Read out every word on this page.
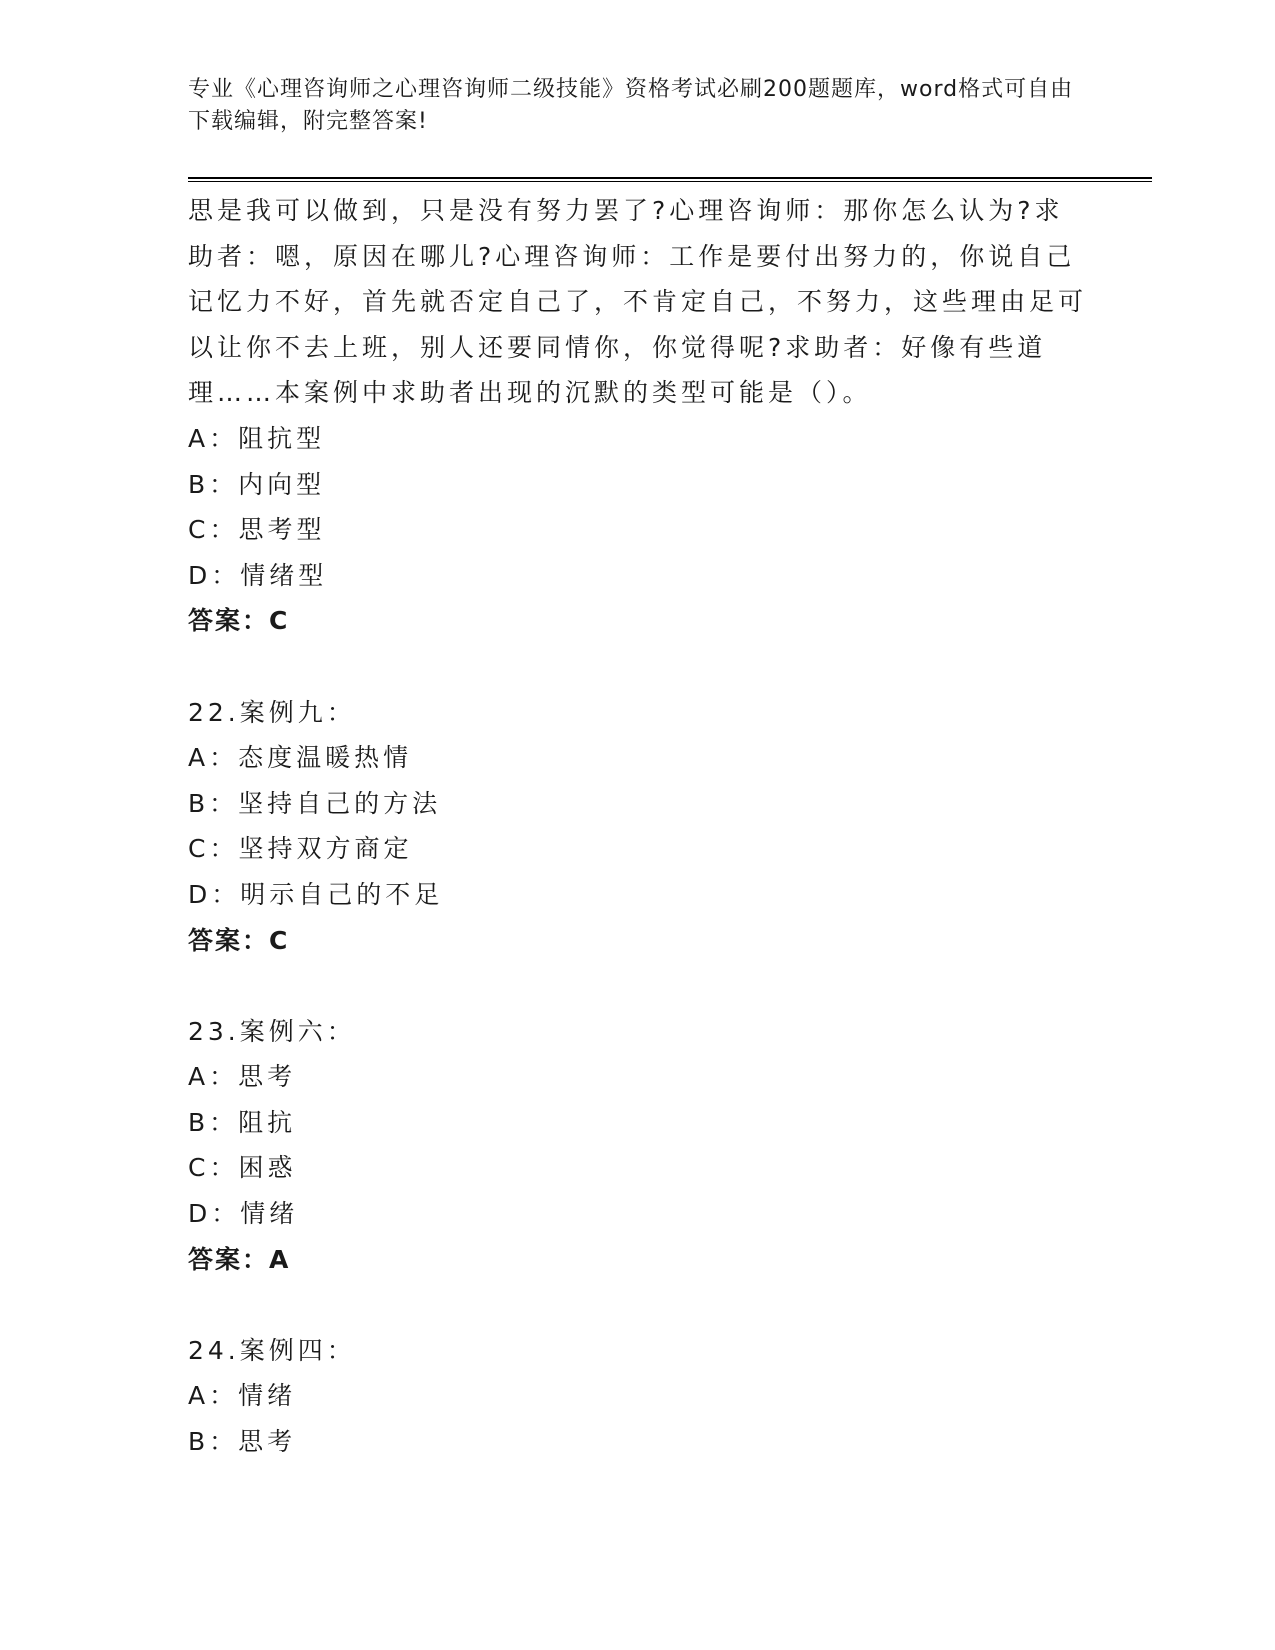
专业《心理咨询师之心理咨询师二级技能》资格考试必刷200题题库，word格式可自由下载编辑，附完整答案!
思是我可以做到，只是没有努力罢了?心理咨询师：那你怎么认为?求助者：嗯，原因在哪儿?心理咨询师：工作是要付出努力的，你说自己记忆力不好，首先就否定自己了，不肯定自己，不努力，这些理由足可以让你不去上班，别人还要同情你，你觉得呢?求助者：好像有些道理……本案例中求助者出现的沉默的类型可能是（）。
A：阻抗型
B：内向型
C：思考型
D：情绪型
答案：C
22.案例九：
A：态度温暖热情
B：坚持自己的方法
C：坚持双方商定
D：明示自己的不足
答案：C
23.案例六：
A：思考
B：阻抗
C：困惑
D：情绪
答案：A
24.案例四：
A：情绪
B：思考
